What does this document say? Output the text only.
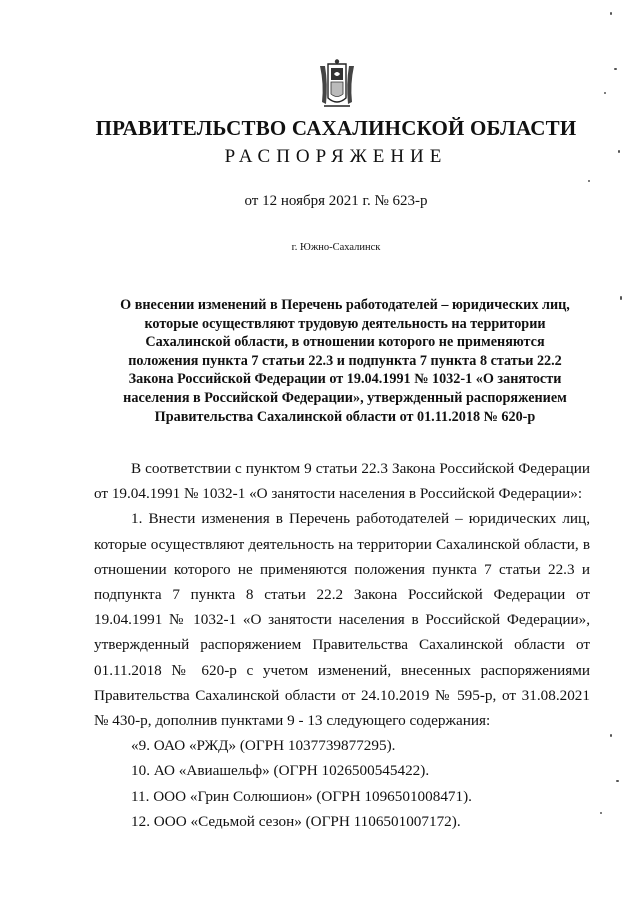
ПРАВИТЕЛЬСТВО САХАЛИНСКОЙ ОБЛАСТИ
РАСПОРЯЖЕНИЕ
от 12 ноября 2021 г. № 623-р
г. Южно-Сахалинск
О внесении изменений в Перечень работодателей – юридических лиц, которые осуществляют трудовую деятельность на территории Сахалинской области, в отношении которого не применяются положения пункта 7 статьи 22.3 и подпункта 7 пункта 8 статьи 22.2 Закона Российской Федерации от 19.04.1991 № 1032-1 «О занятости населения в Российской Федерации», утвержденный распоряжением Правительства Сахалинской области от 01.11.2018 № 620-р

В соответствии с пунктом 9 статьи 22.3 Закона Российской Федерации от 19.04.1991 № 1032-1 «О занятости населения в Российской Федерации»:

1. Внести изменения в Перечень работодателей – юридических лиц, которые осуществляют деятельность на территории Сахалинской области, в отношении которого не применяются положения пункта 7 статьи 22.3 и подпункта 7 пункта 8 статьи 22.2 Закона Российской Федерации от 19.04.1991 № 1032-1 «О занятости населения в Российской Федерации», утвержденный распоряжением Правительства Сахалинской области от 01.11.2018 № 620-р с учетом изменений, внесенных распоряжениями Правительства Сахалинской области от 24.10.2019 № 595-р, от 31.08.2021 № 430-р, дополнив пунктами 9 - 13 следующего содержания:

«9. ОАО «РЖД» (ОГРН 1037739877295).

10. АО «Авиашельф» (ОГРН 1026500545422).

11. ООО «Грин Солюшион» (ОГРН 1096501008471).

12. ООО «Седьмой сезон» (ОГРН 1106501007172).
